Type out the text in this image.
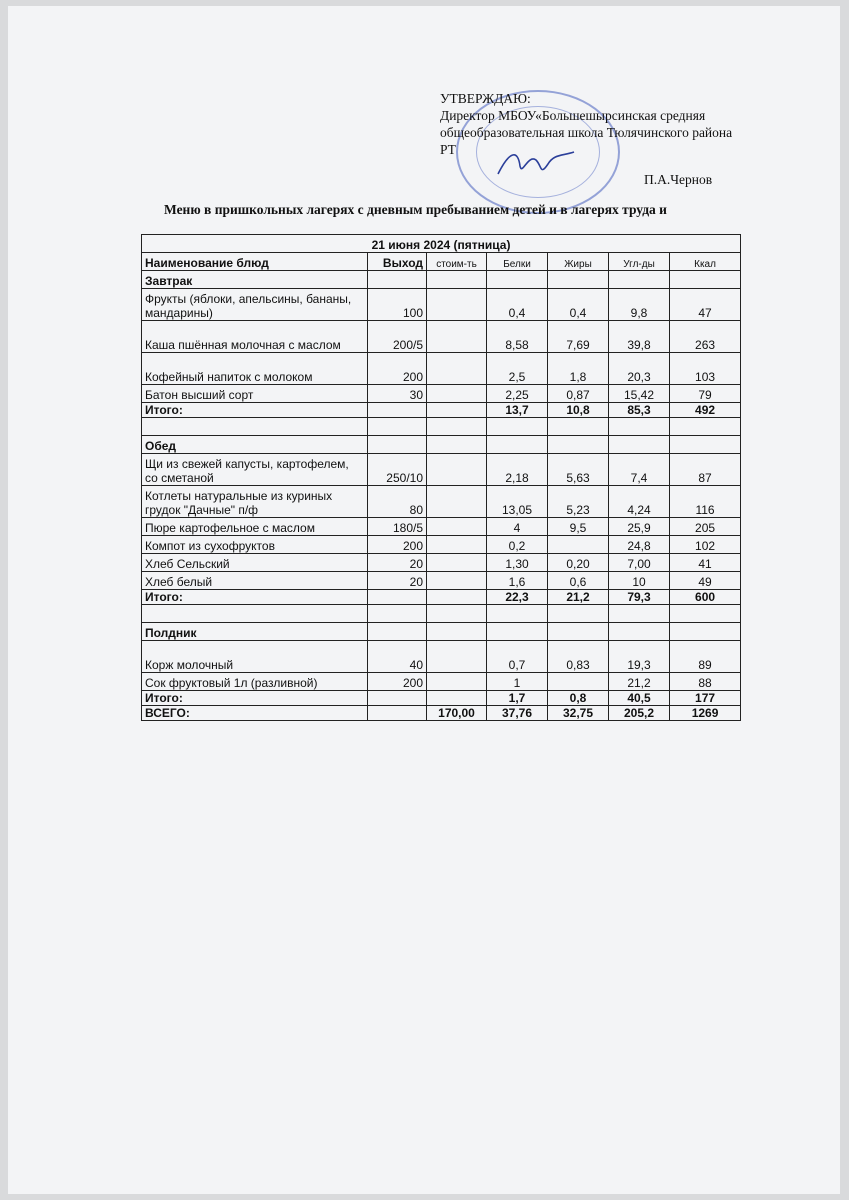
УТВЕРЖДАЮ:
Директор МБОУ«Большешырсинская средняя
общеобразовательная школа Тюлячинского района
РТ
П.А.Чернов
Меню в пришкольных лагерях с дневным пребыванием детей и в лагерях труда и
21 июня 2024 (пятница)						
Наименование блюд	Выход	стоим-ть	Белки	Жиры	Угл-ды	Ккал
Завтрак						
Фрукты (яблоки, апельсины, бананы, мандарины)	100		0,4	0,4	9,8	47
Каша пшённая молочная с маслом	200/5		8,58	7,69	39,8	263
Кофейный напиток с молоком	200		2,5	1,8	20,3	103
Батон высший сорт	30		2,25	0,87	15,42	79
Итого:			13,7	10,8	85,3	492

Обед						
Щи из свежей капусты, картофелем, со сметаной	250/10		2,18	5,63	7,4	87
Котлеты натуральные из куриных грудок "Дачные" п/ф	80		13,05	5,23	4,24	116
Пюре картофельное с маслом	180/5		4	9,5	25,9	205
Компот из сухофруктов	200		0,2		24,8	102
Хлеб Сельский	20		1,30	0,20	7,00	41
Хлеб белый	20		1,6	0,6	10	49
Итого:			22,3	21,2	79,3	600

Полдник						
Корж молочный	40		0,7	0,83	19,3	89
Сок фруктовый 1л (разливной)	200		1		21,2	88
Итого:			1,7	0,8	40,5	177
ВСЕГО:		170,00	37,76	32,75	205,2	1269
